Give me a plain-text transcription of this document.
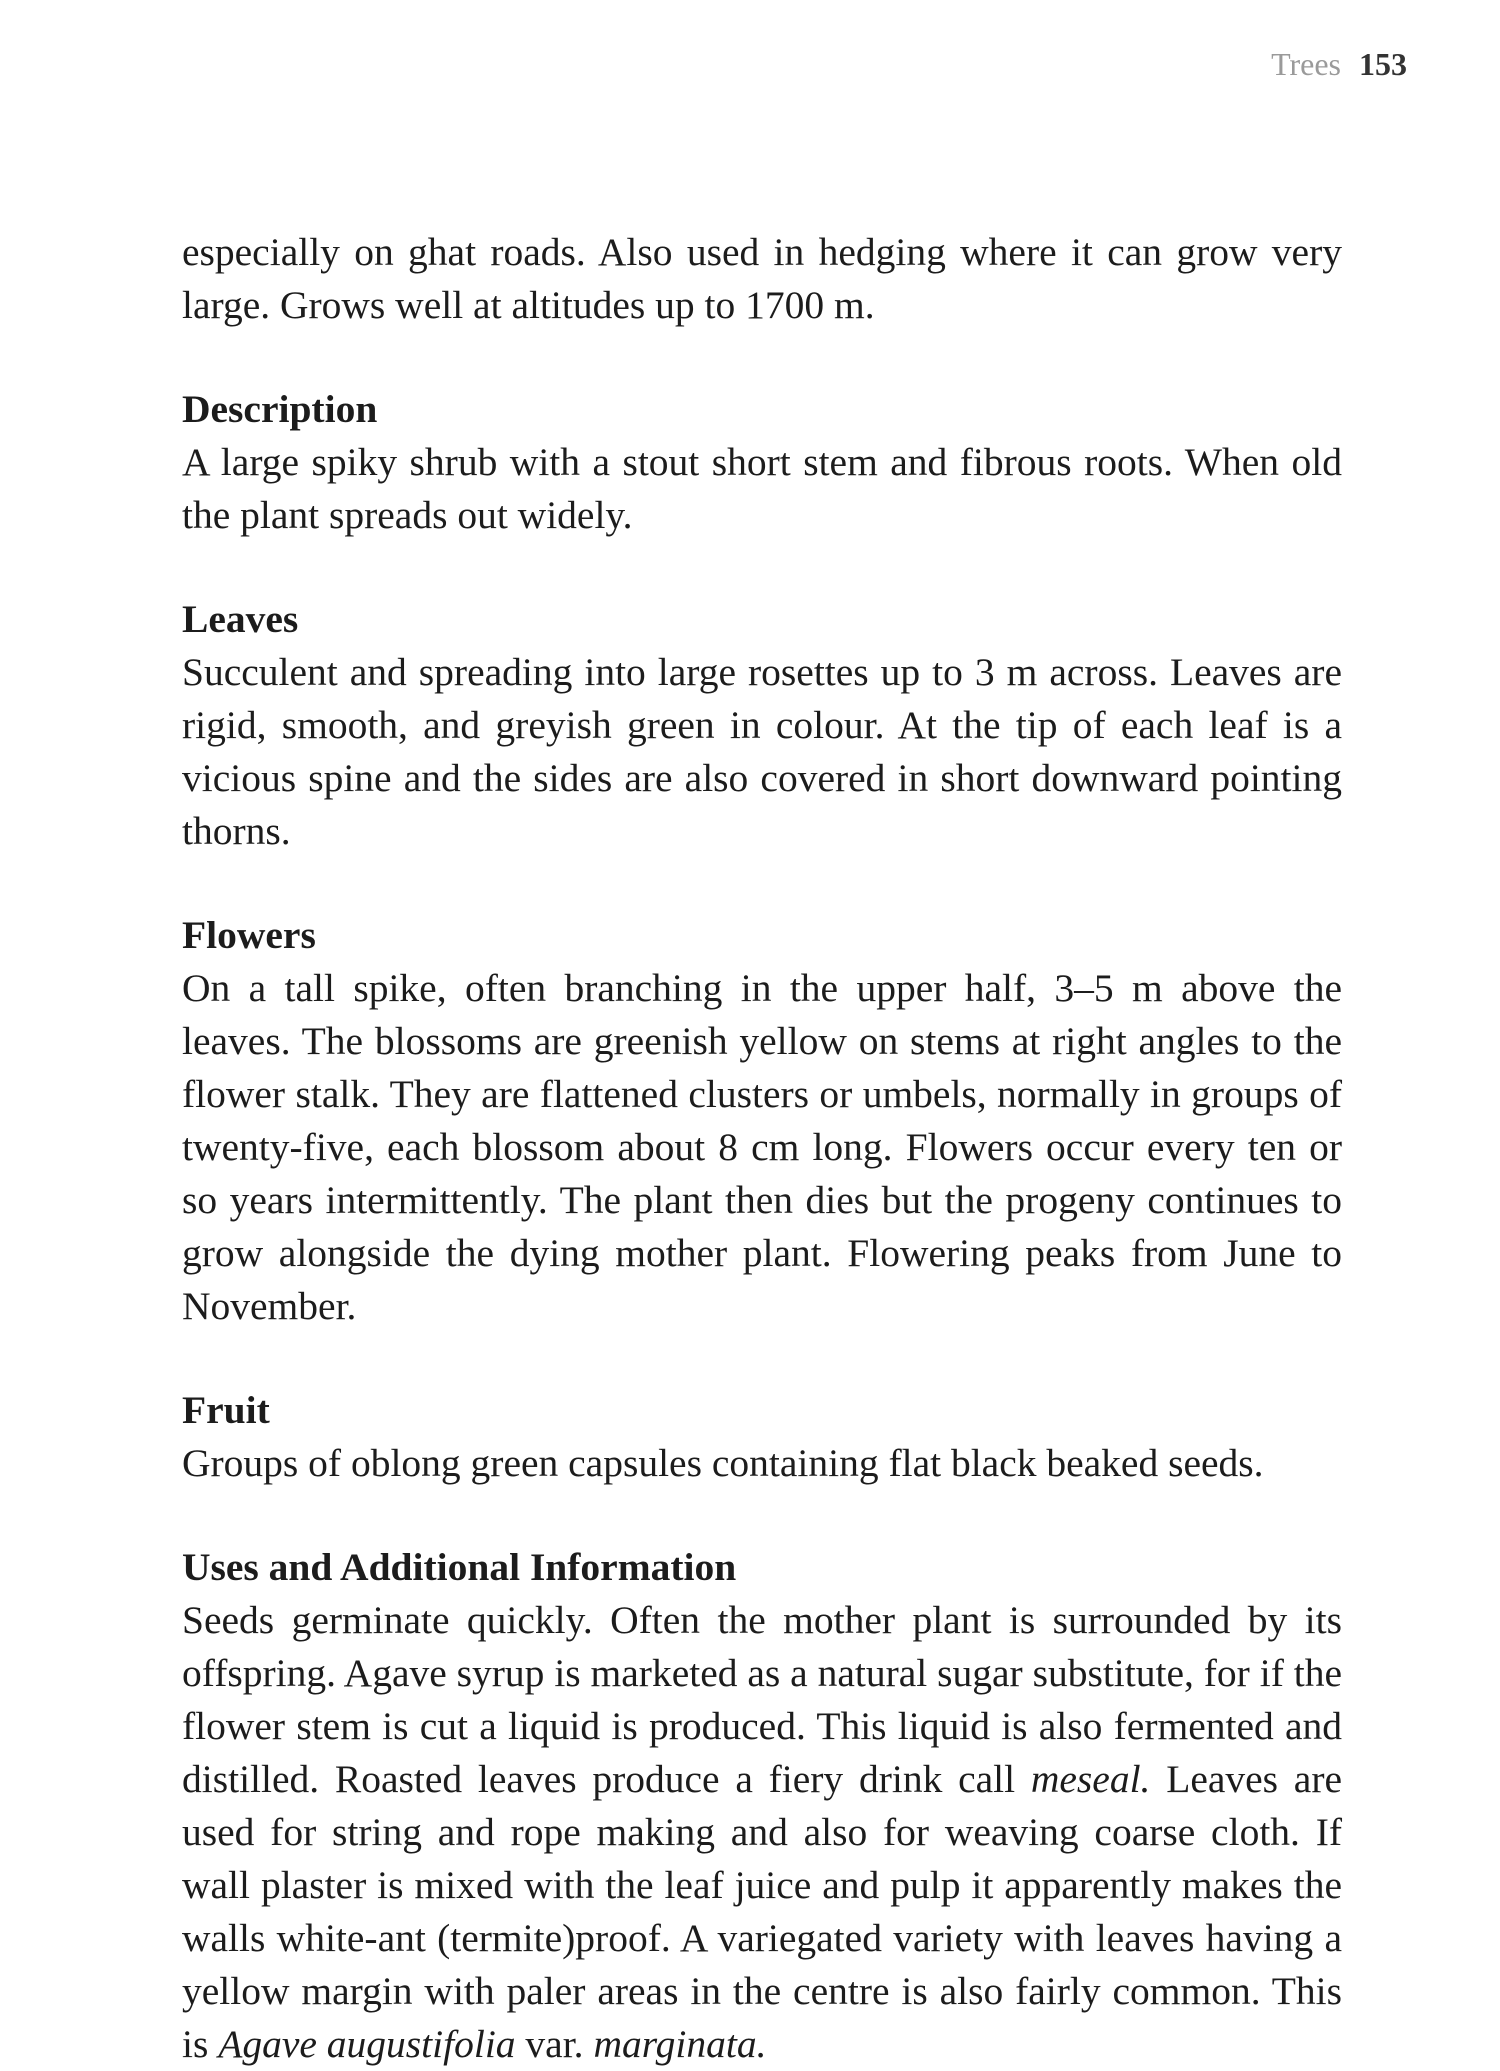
Trees 153

especially on ghat roads. Also used in hedging where it can grow very large. Grows well at altitudes up to 1700 m.

Description

A large spiky shrub with a stout short stem and fibrous roots. When old the plant spreads out widely.

Leaves

Succulent and spreading into large rosettes up to 3 m across. Leaves are rigid, smooth, and greyish green in colour. At the tip of each leaf is a vicious spine and the sides are also covered in short downward pointing thorns.

Flowers

On a tall spike, often branching in the upper half, 3–5 m above the leaves. The blossoms are greenish yellow on stems at right angles to the flower stalk. They are flattened clusters or umbels, normally in groups of twenty-five, each blossom about 8 cm long. Flowers occur every ten or so years intermittently. The plant then dies but the progeny continues to grow alongside the dying mother plant. Flowering peaks from June to November.

Fruit

Groups of oblong green capsules containing flat black beaked seeds.

Uses and Additional Information

Seeds germinate quickly. Often the mother plant is surrounded by its offspring. Agave syrup is marketed as a natural sugar substitute, for if the flower stem is cut a liquid is produced. This liquid is also fermented and distilled. Roasted leaves produce a fiery drink call meseal. Leaves are used for string and rope making and also for weaving coarse cloth. If wall plaster is mixed with the leaf juice and pulp it apparently makes the walls white-ant (termite)proof. A variegated variety with leaves having a yellow margin with paler areas in the centre is also fairly common. This is Agave augustifolia var. marginata.
